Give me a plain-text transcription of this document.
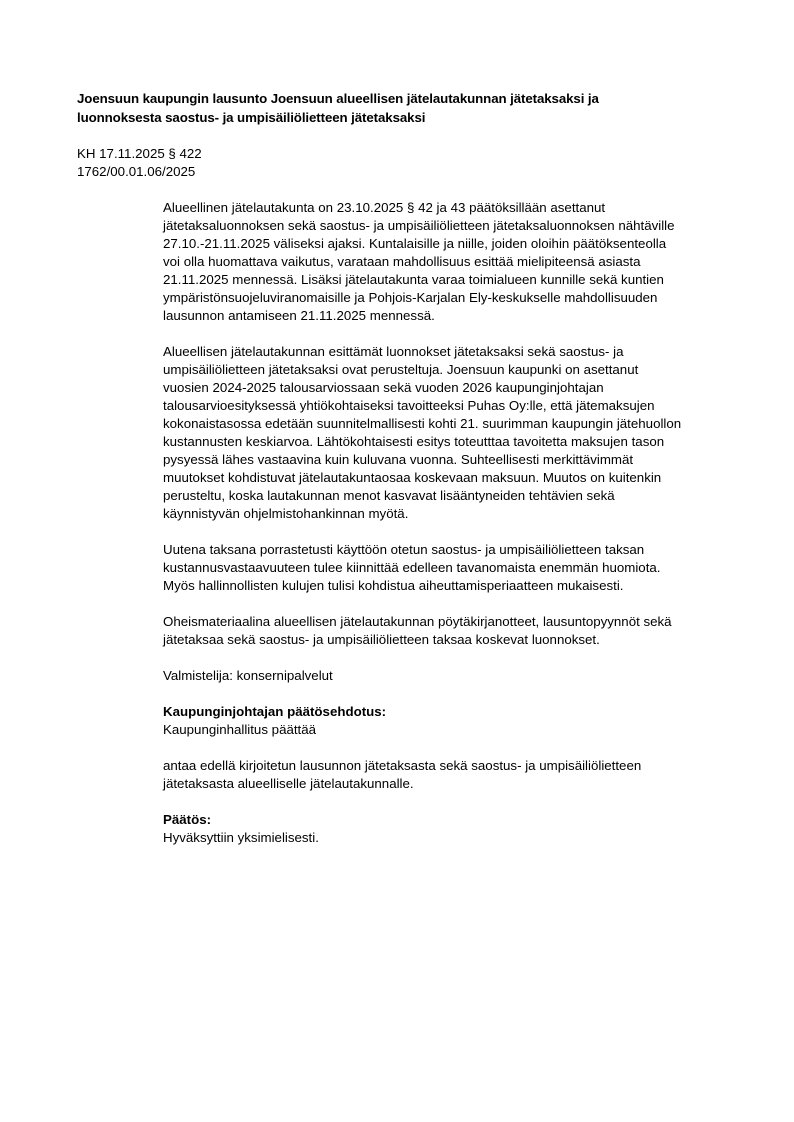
Joensuun kaupungin lausunto Joensuun alueellisen jätelautakunnan jätetaksaksi ja
luonnoksesta saostus- ja umpisäiliölietteen jätetaksaksi
KH 17.11.2025 § 422
1762/00.01.06/2025
Alueellinen jätelautakunta on 23.10.2025 § 42 ja 43 päätöksillään asettanut
jätetaksaluonnoksen sekä saostus- ja umpisäiliölietteen jätetaksaluonnoksen nähtäville
27.10.-21.11.2025 väliseksi ajaksi. Kuntalaisille ja niille, joiden oloihin päätöksenteolla
voi olla huomattava vaikutus, varataan mahdollisuus esittää mielipiteensä asiasta
21.11.2025 mennessä. Lisäksi jätelautakunta varaa toimialueen kunnille sekä kuntien
ympäristönsuojeluviranomaisille ja Pohjois-Karjalan Ely-keskukselle mahdollisuuden
lausunnon antamiseen 21.11.2025 mennessä.
Alueellisen jätelautakunnan esittämät luonnokset jätetaksaksi sekä saostus- ja
umpisäiliölietteen jätetaksaksi ovat perusteltuja. Joensuun kaupunki on asettanut
vuosien 2024-2025 talousarviossaan sekä vuoden 2026 kaupunginjohtajan
talousarvioesityksessä yhtiökohtaiseksi tavoitteeksi Puhas Oy:lle, että jätemaksujen
kokonaistasossa edetään suunnitelmallisesti kohti 21. suurimman kaupungin jätehuollon
kustannusten keskiarvoa. Lähtökohtaisesti esitys toteutttaa tavoitetta maksujen tason
pysyessä lähes vastaavina kuin kuluvana vuonna. Suhteellisesti merkittävimmät
muutokset kohdistuvat jätelautakuntaosaa koskevaan maksuun. Muutos on kuitenkin
perusteltu, koska lautakunnan menot kasvavat lisääntyneiden tehtävien sekä
käynnistyvän ohjelmistohankinnan myötä.
Uutena taksana porrastetusti käyttöön otetun saostus- ja umpisäiliölietteen taksan
kustannusvastaavuuteen tulee kiinnittää edelleen tavanomaista enemmän huomiota.
Myös hallinnollisten kulujen tulisi kohdistua aiheuttamisperiaatteen mukaisesti.
Oheismateriaalina alueellisen jätelautakunnan pöytäkirjanotteet, lausuntopyynnöt sekä
jätetaksaa sekä saostus- ja umpisäiliölietteen taksaa koskevat luonnokset.
Valmistelija: konsernipalvelut
Kaupunginjohtajan päätösehdotus:
Kaupunginhallitus päättää
antaa edellä kirjoitetun lausunnon jätetaksasta sekä saostus- ja umpisäiliölietteen
jätetaksasta alueelliselle jätelautakunnalle.
Päätös:
Hyväksyttiin yksimielisesti.
